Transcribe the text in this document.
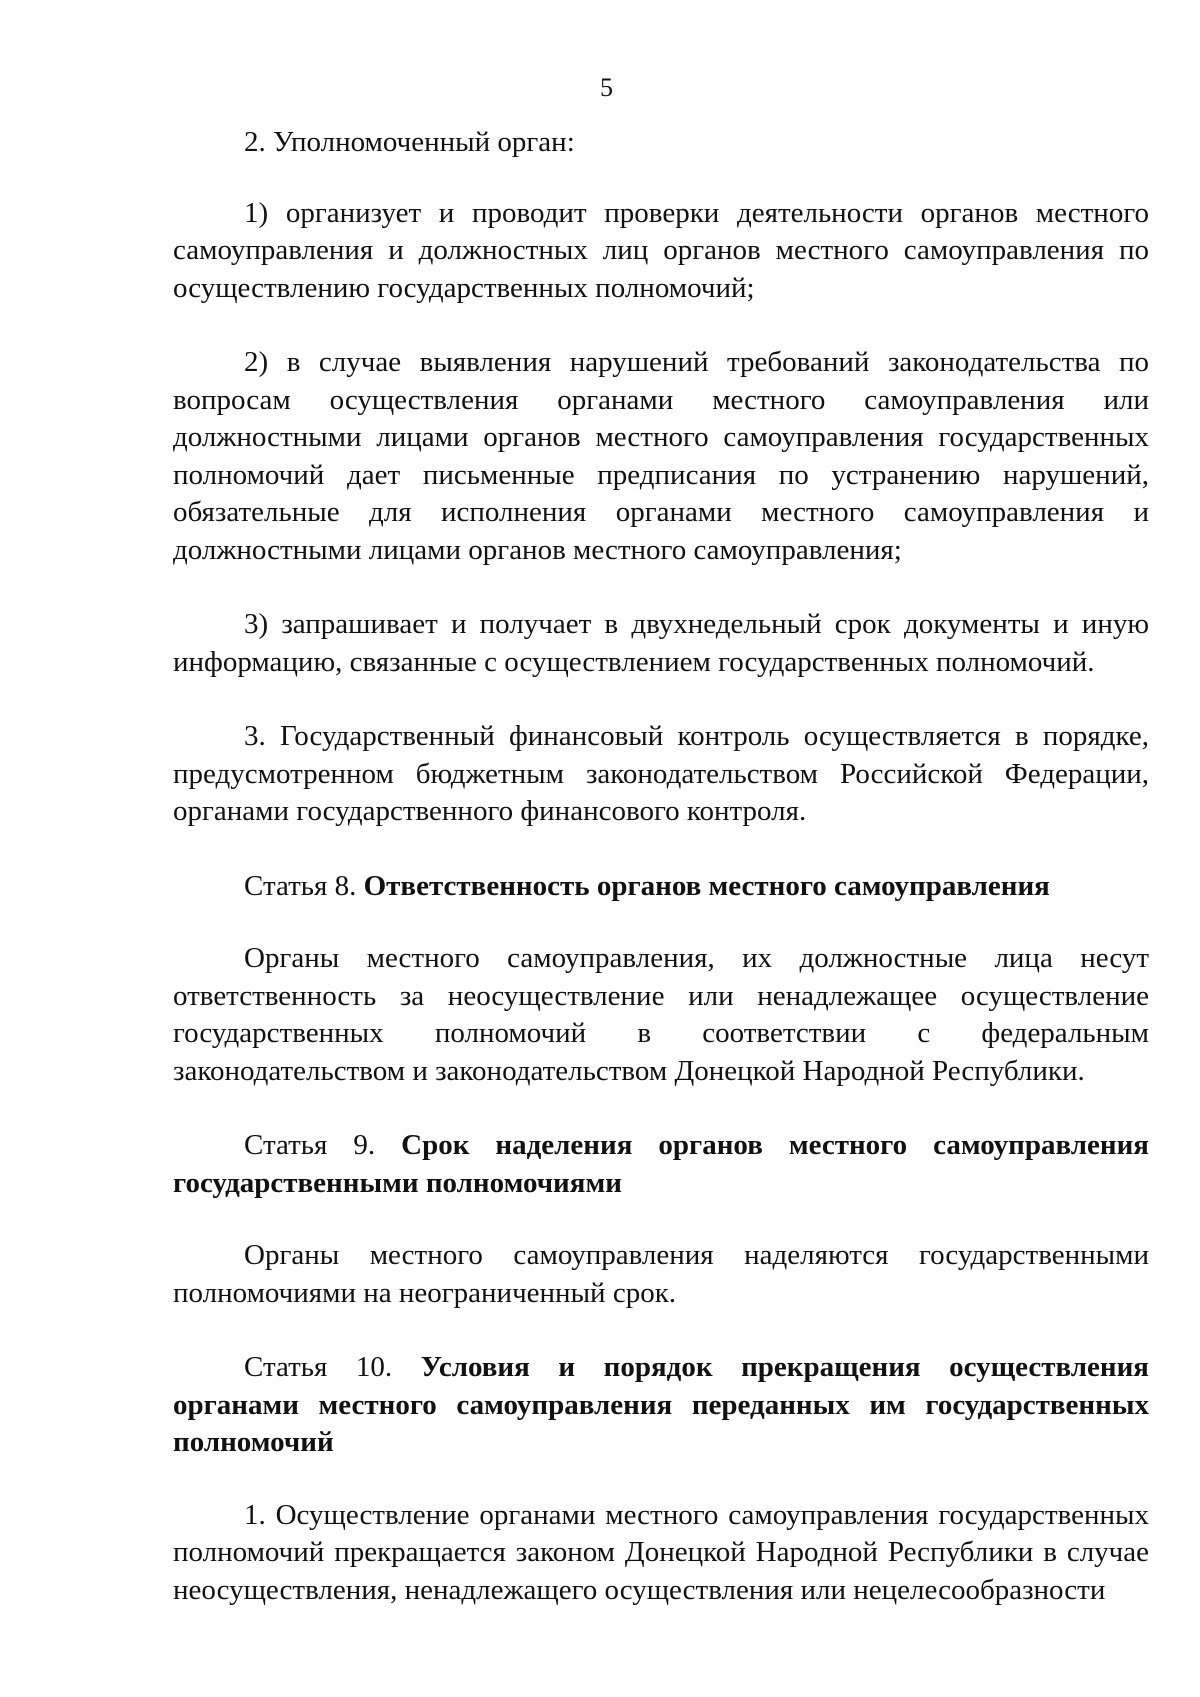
5

2. Уполномоченный орган:

1) организует и проводит проверки деятельности органов местного самоуправления и должностных лиц органов местного самоуправления по осуществлению государственных полномочий;

2) в случае выявления нарушений требований законодательства по вопросам осуществления органами местного самоуправления или должностными лицами органов местного самоуправления государственных полномочий дает письменные предписания по устранению нарушений, обязательные для исполнения органами местного самоуправления и должностными лицами органов местного самоуправления;

3) запрашивает и получает в двухнедельный срок документы и иную информацию, связанные с осуществлением государственных полномочий.

3. Государственный финансовый контроль осуществляется в порядке, предусмотренном бюджетным законодательством Российской Федерации, органами государственного финансового контроля.

Статья 8. Ответственность органов местного самоуправления

Органы местного самоуправления, их должностные лица несут ответственность за неосуществление или ненадлежащее осуществление государственных полномочий в соответствии с федеральным законодательством и законодательством Донецкой Народной Республики.

Статья 9. Срок наделения органов местного самоуправления государственными полномочиями

Органы местного самоуправления наделяются государственными полномочиями на неограниченный срок.

Статья 10. Условия и порядок прекращения осуществления органами местного самоуправления переданных им государственных полномочий

1. Осуществление органами местного самоуправления государственных полномочий прекращается законом Донецкой Народной Республики в случае неосуществления, ненадлежащего осуществления или нецелесообразности
